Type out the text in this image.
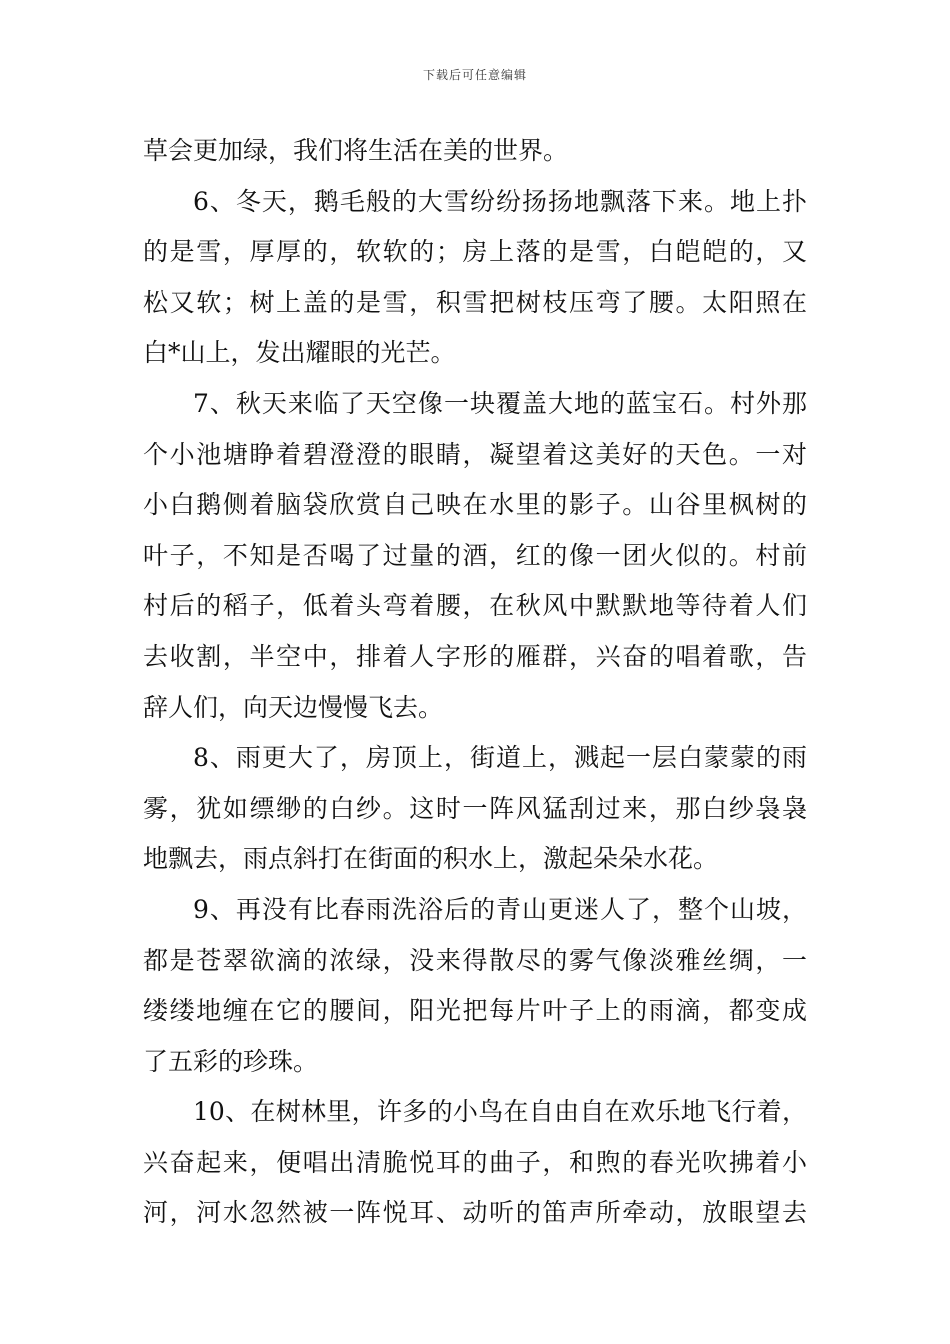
下载后可任意编辑

草会更加绿，我们将生活在美的世界。

6、冬天，鹅毛般的大雪纷纷扬扬地飘落下来。地上扑
的是雪，厚厚的，软软的；房上落的是雪，白皑皑的，又
松又软；树上盖的是雪，积雪把树枝压弯了腰。太阳照在
白*山上，发出耀眼的光芒。

7、秋天来临了天空像一块覆盖大地的蓝宝石。村外那
个小池塘睁着碧澄澄的眼睛，凝望着这美好的天色。一对
小白鹅侧着脑袋欣赏自己映在水里的影子。山谷里枫树的
叶子，不知是否喝了过量的酒，红的像一团火似的。村前
村后的稻子，低着头弯着腰，在秋风中默默地等待着人们
去收割，半空中，排着人字形的雁群，兴奋的唱着歌，告
辞人们，向天边慢慢飞去。

8、雨更大了，房顶上，街道上，溅起一层白蒙蒙的雨
雾，犹如缥缈的白纱。这时一阵风猛刮过来，那白纱袅袅
地飘去，雨点斜打在街面的积水上，激起朵朵水花。

9、再没有比春雨洗浴后的青山更迷人了，整个山坡，
都是苍翠欲滴的浓绿，没来得散尽的雾气像淡雅丝绸，一
缕缕地缠在它的腰间，阳光把每片叶子上的雨滴，都变成
了五彩的珍珠。

10、在树林里，许多的小鸟在自由自在欢乐地飞行着，
兴奋起来，便唱出清脆悦耳的曲子，和煦的春光吹拂着小
河，河水忽然被一阵悦耳、动听的笛声所牵动，放眼望去
